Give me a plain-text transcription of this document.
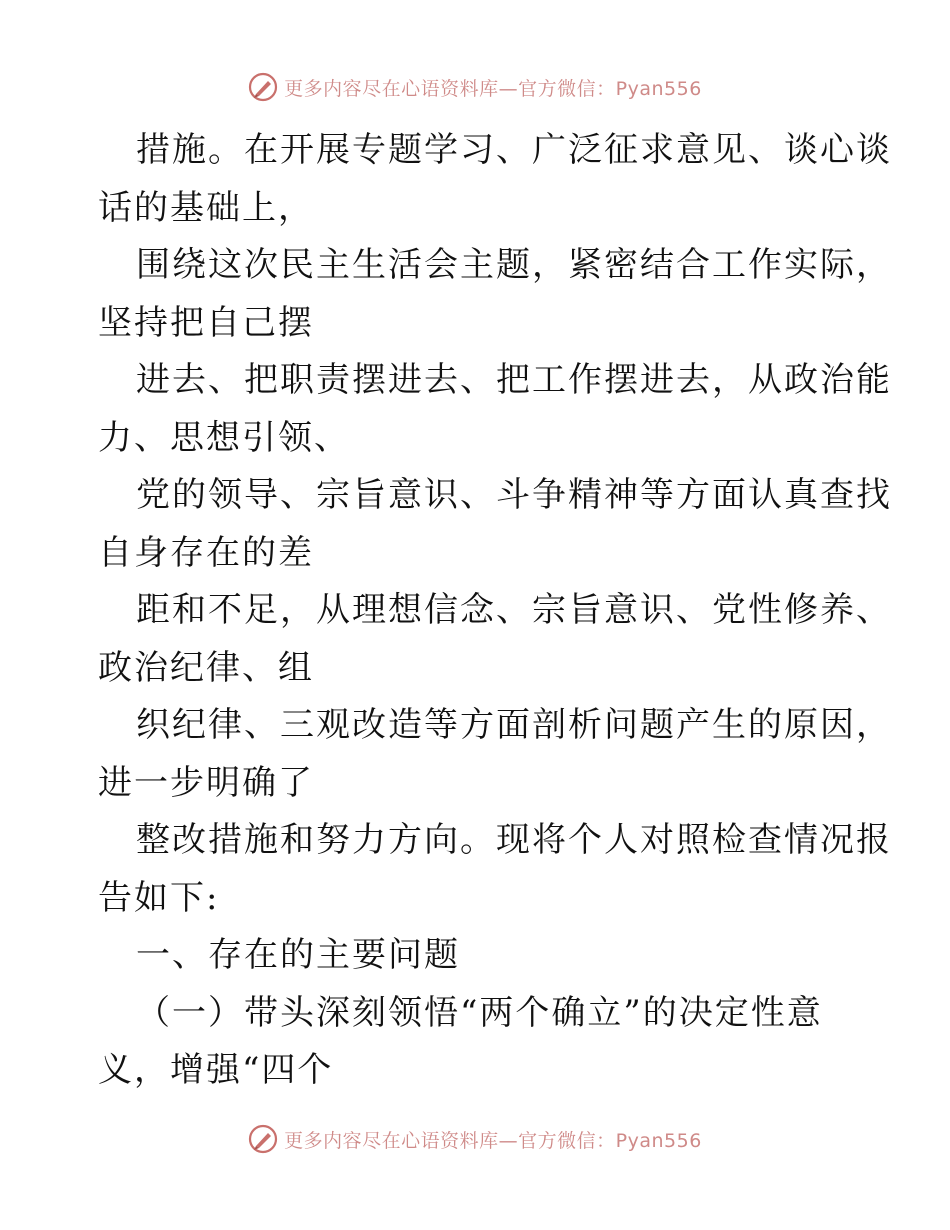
更多内容尽在心语资料库—官方微信：Pyan556
措施。在开展专题学习、广泛征求意见、谈心谈
话的基础上，
围绕这次民主生活会主题，紧密结合工作实际，
坚持把自己摆
进去、把职责摆进去、把工作摆进去，从政治能
力、思想引领、
党的领导、宗旨意识、斗争精神等方面认真查找
自身存在的差
距和不足，从理想信念、宗旨意识、党性修养、
政治纪律、组
织纪律、三观改造等方面剖析问题产生的原因，
进一步明确了
整改措施和努力方向。现将个人对照检查情况报
告如下:
一、存在的主要问题
（一）带头深刻领悟“两个确立”的决定性意
义，增强“四个
更多内容尽在心语资料库—官方微信：Pyan556
